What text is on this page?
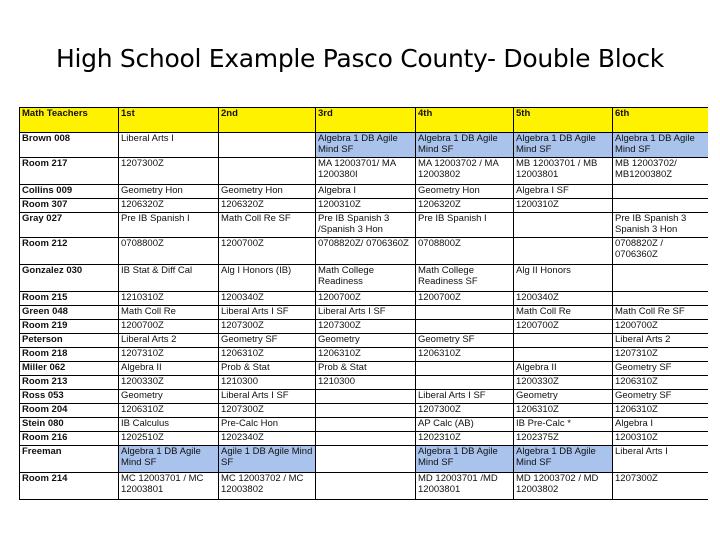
High School Example Pasco County- Double Block
Math Teachers	1st	2nd	3rd	4th	5th	6th
Brown 008	Liberal Arts I		Algebra 1 DB Agile Mind SF	Algebra 1 DB Agile Mind SF	Algebra 1 DB Agile Mind SF	Algebra 1 DB Agile Mind SF
Room 217	1207300Z		MA 12003701/ MA 1200380I	MA 12003702 / MA 12003802	MB 12003701 / MB 12003801	MB 12003702/ MB1200380Z
Collins 009	Geometry Hon	Geometry Hon	Algebra I	Geometry Hon	Algebra I SF	
Room 307	1206320Z	1206320Z	1200310Z	1206320Z	1200310Z	
Gray 027	Pre IB Spanish I	Math Coll Re SF	Pre IB Spanish 3 /Spanish 3 Hon	Pre IB Spanish I		Pre IB Spanish 3 Spanish 3 Hon
Room 212	0708800Z	1200700Z	0708820Z/ 0706360Z	0708800Z		0708820Z / 0706360Z
Gonzalez 030	IB Stat & Diff Cal	Alg I Honors (IB)	Math College Readiness	Math College Readiness SF	Alg II Honors	
Room 215	1210310Z	1200340Z	1200700Z	1200700Z	1200340Z	
Green 048	Math Coll Re	Liberal Arts I SF	Liberal Arts I SF		Math Coll Re	Math Coll Re SF
Room 219	1200700Z	1207300Z	1207300Z		1200700Z	1200700Z
Peterson	Liberal Arts 2	Geometry SF	Geometry	Geometry SF		Liberal Arts 2
Room 218	1207310Z	1206310Z	1206310Z	1206310Z		1207310Z
Miller 062	Algebra II	Prob & Stat	Prob & Stat		Algebra II	Geometry SF
Room 213	1200330Z	1210300	1210300		1200330Z	1206310Z
Ross 053	Geometry	Liberal Arts I SF		Liberal Arts I SF	Geometry	Geometry SF
Room 204	1206310Z	1207300Z		1207300Z	1206310Z	1206310Z
Stein 080	IB Calculus	Pre-Calc Hon		AP Calc (AB)	IB Pre-Calc *	Algebra I
Room 216	1202510Z	1202340Z		1202310Z	1202375Z	1200310Z
Freeman	Algebra 1 DB Agile Mind SF	Agile 1 DB Agile Mind SF		Algebra 1 DB Agile Mind SF	Algebra 1 DB Agile Mind SF	Liberal Arts I
Room 214	MC 12003701 / MC 12003801	MC 12003702 / MC 12003802		MD 12003701 /MD 12003801	MD 12003702 / MD 12003802	1207300Z
